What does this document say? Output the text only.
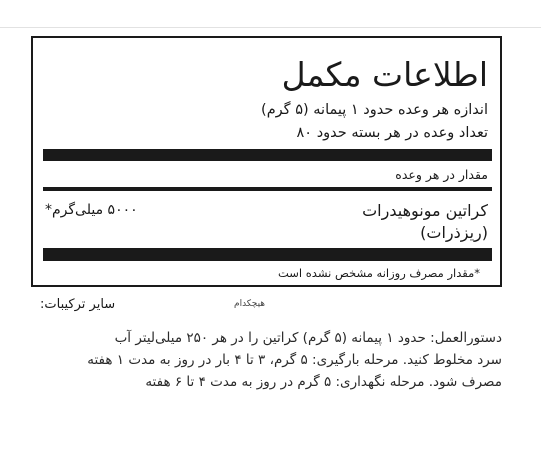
اطلاعات مکمل

اندازه هر وعده حدود ۱ پیمانه (۵ گرم)

تعداد وعده در هر بسته حدود ۸۰

مقدار در هر وعده

کراتین مونوهیدرات (ریزذرات)

۵۰۰۰ میلی‌گرم*

*مقدار مصرف روزانه مشخص نشده است

سایر ترکیبات:	هیچکدام

دستورالعمل: حدود ۱ پیمانه (۵ گرم) کراتین را در هر ۲۵۰ میلی‌لیتر آب
سرد مخلوط کنید. مرحله بارگیری: ۵ گرم، ۳ تا ۴ بار در روز به مدت ۱ هفته
مصرف شود. مرحله نگهداری: ۵ گرم در روز به مدت ۴ تا ۶ هفته
